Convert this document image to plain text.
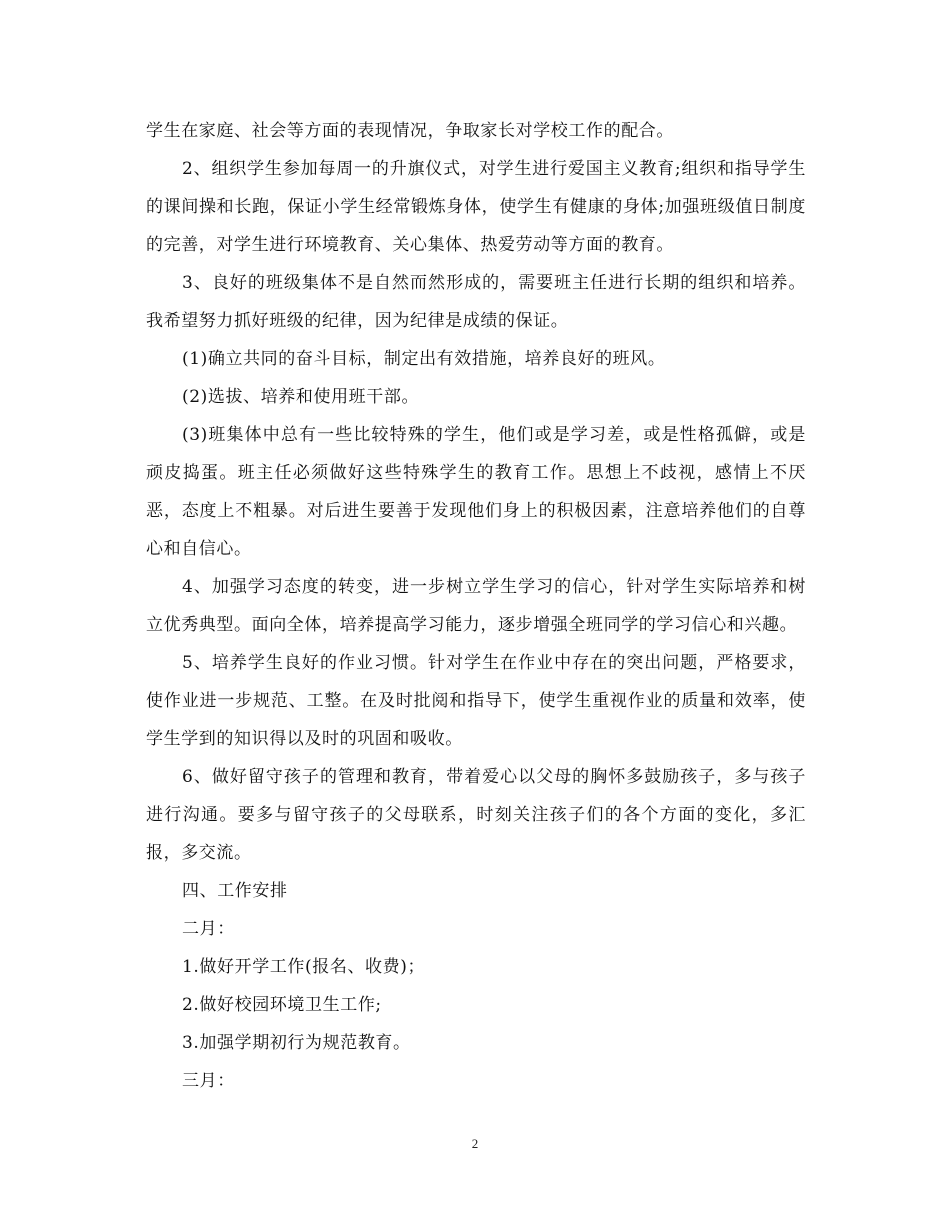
学生在家庭、社会等方面的表现情况，争取家长对学校工作的配合。

2、组织学生参加每周一的升旗仪式，对学生进行爱国主义教育;组织和指导学生的课间操和长跑，保证小学生经常锻炼身体，使学生有健康的身体;加强班级值日制度的完善，对学生进行环境教育、关心集体、热爱劳动等方面的教育。

3、良好的班级集体不是自然而然形成的，需要班主任进行长期的组织和培养。我希望努力抓好班级的纪律，因为纪律是成绩的保证。

(1)确立共同的奋斗目标，制定出有效措施，培养良好的班风。

(2)选拔、培养和使用班干部。

(3)班集体中总有一些比较特殊的学生，他们或是学习差，或是性格孤僻，或是顽皮捣蛋。班主任必须做好这些特殊学生的教育工作。思想上不歧视，感情上不厌恶，态度上不粗暴。对后进生要善于发现他们身上的积极因素，注意培养他们的自尊心和自信心。

4、加强学习态度的转变，进一步树立学生学习的信心，针对学生实际培养和树立优秀典型。面向全体，培养提高学习能力，逐步增强全班同学的学习信心和兴趣。

5、培养学生良好的作业习惯。针对学生在作业中存在的突出问题，严格要求，使作业进一步规范、工整。在及时批阅和指导下，使学生重视作业的质量和效率，使学生学到的知识得以及时的巩固和吸收。

6、做好留守孩子的管理和教育，带着爱心以父母的胸怀多鼓励孩子，多与孩子进行沟通。要多与留守孩子的父母联系，时刻关注孩子们的各个方面的变化，多汇报，多交流。

四、工作安排

二月：

1.做好开学工作(报名、收费)；

2.做好校园环境卫生工作;

3.加强学期初行为规范教育。

三月：

2
